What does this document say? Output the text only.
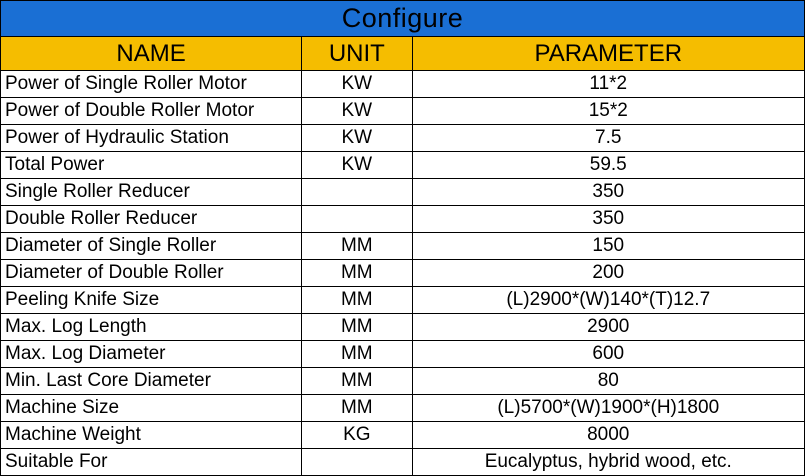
Configure		
NAME	UNIT	PARAMETER
Power of Single Roller Motor	KW	11*2
Power of Double Roller Motor	KW	15*2
Power of Hydraulic Station	KW	7.5
Total Power	KW	59.5
Single Roller Reducer		350
Double Roller Reducer		350
Diameter of Single Roller	MM	150
Diameter of Double Roller	MM	200
Peeling Knife Size	MM	(L)2900*(W)140*(T)12.7
Max. Log Length	MM	2900
Max. Log Diameter	MM	600
Min. Last Core Diameter	MM	80
Machine Size	MM	(L)5700*(W)1900*(H)1800
Machine Weight	KG	8000
Suitable For		Eucalyptus, hybrid wood, etc.
